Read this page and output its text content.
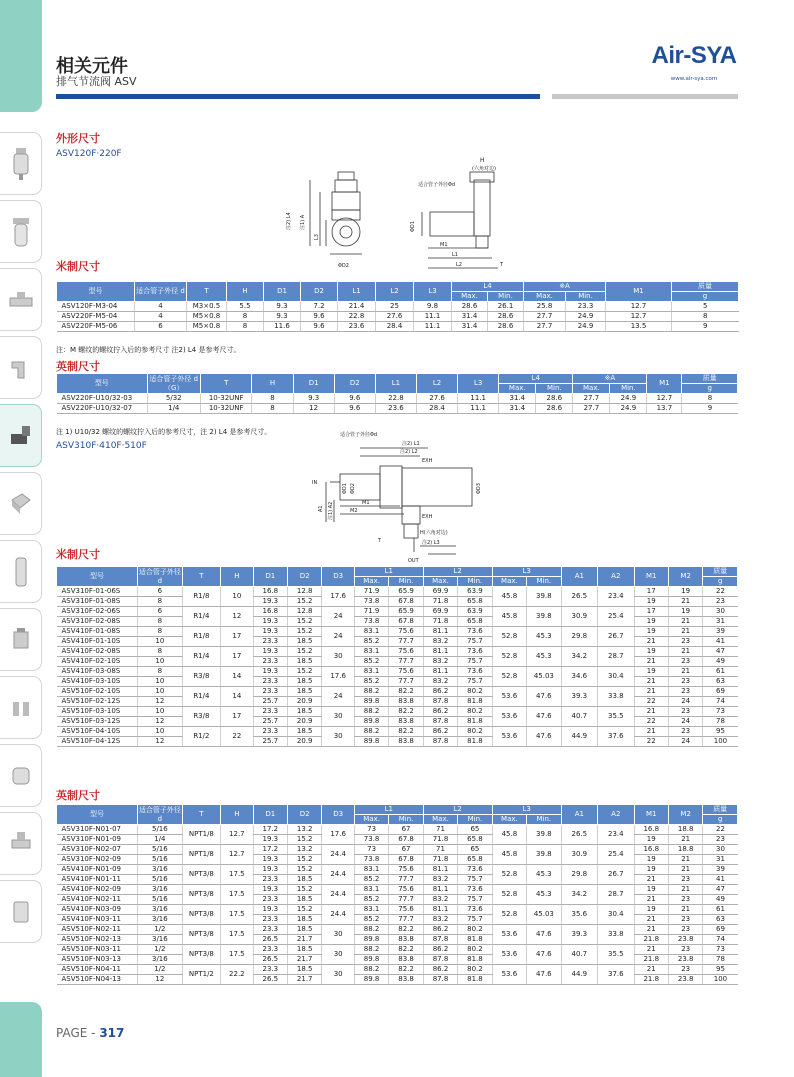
相关元件
排气节流阀 ASV
Air-SYA
www.air-sya.com
外形尺寸
ASV120F·220F
H
(六角对边)
适合管子外径Φd
注2) L4 注1) A
L3
ΦD2
ΦD1
M1
L1
L2	T
米制尺寸
型号	适合管子外径 d	T	H	D1	D2	L1	L2	L3	L4		※A		M1	质量
									Max.	Min.	Max.	Min.		g
ASV120F-M3-04	4	M3×0.5	5.5	9.3	7.2	21.4	25	9.8	28.6	26.1	25.8	23.3	12.7	5
ASV220F-M5-04	4	M5×0.8	8	9.3	9.6	22.8	27.6	11.1	31.4	28.6	27.7	24.9	12.7	8
ASV220F-M5-06	6	M5×0.8	8	11.6	9.6	23.6	28.4	11.1	31.4	28.6	27.7	24.9	13.5	9
注：M 螺纹的螺纹拧入后的参考尺寸 注2) L4 是参考尺寸。
英制尺寸
型号	适合管子外径 d（G）	T	H	D1	D2	L1	L2	L3	L4		※A		M1	质量
									Max.	Min.	Max.	Min.		g
ASV220F-U10/32-03	5/32	10-32UNF	8	9.3	9.6	22.8	27.6	11.1	31.4	28.6	27.7	24.9	12.7	8
ASV220F-U10/32-07	1/4	10-32UNF	8	12	9.6	23.6	28.4	11.1	31.4	28.6	27.7	24.9	13.7	9
注 1) U10/32 螺纹的螺纹拧入后的参考尺寸，注 2) L4 是参考尺寸。
ASV310F·410F·510F
适合管子外径Φd
注2) L1
注2) L2
EXH
IN
ΦD1 ΦD2	ΦD3
A1 注1) A2	M1
M2
EXH
H(六角对边)
注2) L3
T
OUT
米制尺寸
型号	适合管子外径 d	T	H	D1	D2	D3	L1		L2		L3		A1	A2	M1	M2	质量
							Max.	Min.	Max.	Min.	Max.	Min.					g
ASV310F-01-06S	6	R1/8	10	16.8	12.8	17.6	71.9	65.9	69.9	63.9	45.8	39.8	26.5	23.4	17	19	22
ASV310F-01-08S	8			19.3	15.2		73.8	67.8	71.8	65.8					19	21	23
ASV310F-02-06S	6	R1/4	12	16.8	12.8	24	71.9	65.9	69.9	63.9	45.8	39.8	30.9	25.4	17	19	30
ASV310F-02-08S	8			19.3	15.2		73.8	67.8	71.8	65.8					19	21	31
ASV410F-01-08S	8	R1/8	17	19.3	15.2	24	83.1	75.6	81.1	73.6	52.8	45.3	29.8	26.7	19	21	39
ASV410F-01-10S	10			23.3	18.5		85.2	77.7	83.2	75.7					21	23	41
ASV410F-02-08S	8	R1/4	17	19.3	15.2	30	83.1	75.6	81.1	73.6	52.8	45.3	34.2	28.7	19	21	47
ASV410F-02-10S	10			23.3	18.5		85.2	77.7	83.2	75.7					21	23	49
ASV410F-03-08S	8	R3/8	14	19.3	15.2	17.6	83.1	75.6	81.1	73.6	52.8	45.03	34.6	30.4	19	21	61
ASV410F-03-10S	10			23.3	18.5		85.2	77.7	83.2	75.7					21	23	63
ASV510F-02-10S	10	R1/4	14	23.3	18.5	24	88.2	82.2	86.2	80.2	53.6	47.6	39.3	33.8	21	23	69
ASV510F-02-12S	12			25.7	20.9		89.8	83.8	87.8	81.8					22	24	74
ASV510F-03-10S	10	R3/8	17	23.3	18.5	30	88.2	82.2	86.2	80.2	53.6	47.6	40.7	35.5	21	23	73
ASV510F-03-12S	12			25.7	20.9		89.8	83.8	87.8	81.8					22	24	78
ASV510F-04-10S	10	R1/2	22	23.3	18.5	30	88.2	82.2	86.2	80.2	53.6	47.6	44.9	37.6	21	23	95
ASV510F-04-12S	12			25.7	20.9		89.8	83.8	87.8	81.8					22	24	100
英制尺寸
型号	适合管子外径 d	T	H	D1	D2	D3	L1		L2		L3		A1	A2	M1	M2	质量
							Max.	Min.	Max.	Min.	Max.	Min.					g
ASV310F-N01-07	5/16	NPT1/8	12.7	17.2	13.2	17.6	73	67	71	65	45.8	39.8	26.5	23.4	16.8	18.8	22
ASV310F-N01-09	1/4			19.3	15.2		73.8	67.8	71.8	65.8					19	21	23
ASV310F-N02-07	5/16	NPT1/8	12.7	17.2	13.2	24.4	73	67	71	65	45.8	39.8	30.9	25.4	16.8	18.8	30
ASV310F-N02-09	5/16			19.3	15.2		73.8	67.8	71.8	65.8					19	21	31
ASV410F-N01-09	3/16	NPT3/8	17.5	19.3	15.2	24.4	83.1	75.6	81.1	73.6	52.8	45.3	29.8	26.7	19	21	39
ASV410F-N01-11	5/16			23.3	18.5		85.2	77.7	83.2	75.7					21	23	41
ASV410F-N02-09	3/16	NPT3/8	17.5	19.3	15.2	24.4	83.1	75.6	81.1	73.6	52.8	45.3	34.2	28.7	19	21	47
ASV410F-N02-11	5/16			23.3	18.5		85.2	77.7	83.2	75.7					21	23	49
ASV410F-N03-09	3/16	NPT3/8	17.5	19.3	15.2	24.4	83.1	75.6	81.1	73.6	52.8	45.03	35.6	30.4	19	21	61
ASV410F-N03-11	3/16			23.3	18.5		85.2	77.7	83.2	75.7					21	23	63
ASV510F-N02-11	1/2	NPT3/8	17.5	23.3	18.5	30	88.2	82.2	86.2	80.2	53.6	47.6	39.3	33.8	21	23	69
ASV510F-N02-13	3/16			26.5	21.7		89.8	83.8	87.8	81.8					21.8	23.8	74
ASV510F-N03-11	1/2	NPT3/8	17.5	23.3	18.5	30	88.2	82.2	86.2	80.2	53.6	47.6	40.7	35.5	21	23	73
ASV510F-N03-13	3/16			26.5	21.7		89.8	83.8	87.8	81.8					21.8	23.8	78
ASV510F-N04-11	1/2	NPT1/2	22.2	23.3	18.5	30	88.2	82.2	86.2	80.2	53.6	47.6	44.9	37.6	21	23	95
ASV510F-N04-13	12			26.5	21.7		89.8	83.8	87.8	81.8					21.8	23.8	100
PAGE - 317
